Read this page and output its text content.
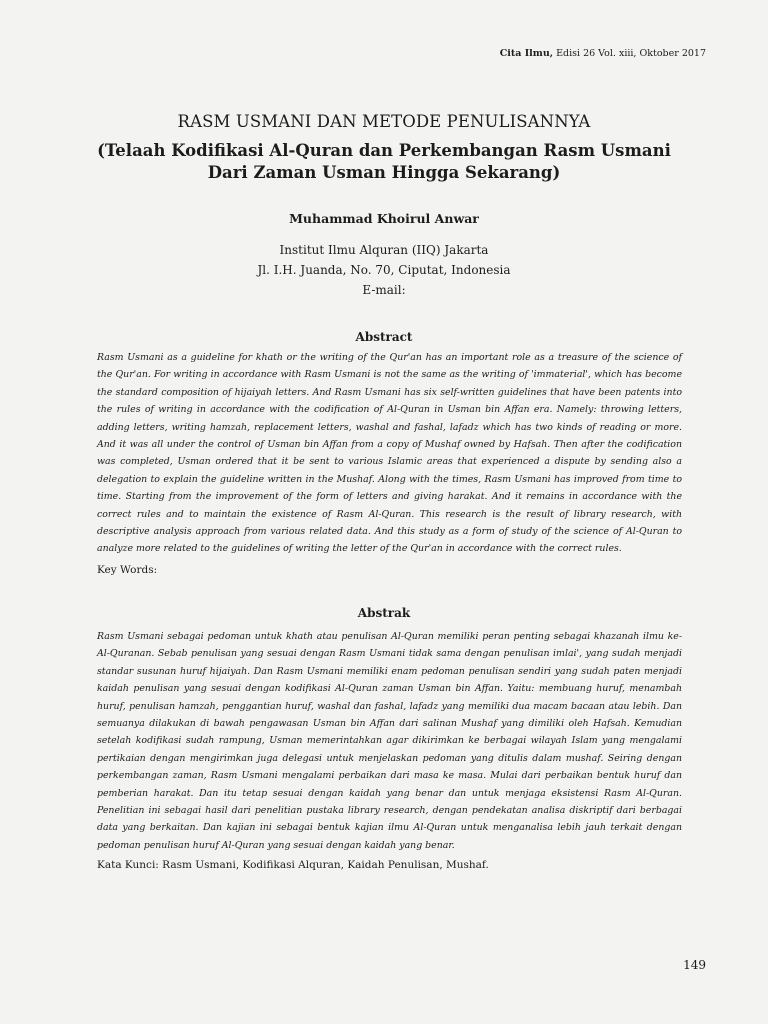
Cita Ilmu, Edisi 26 Vol. xiii, Oktober 2017
RASM USMANI DAN METODE PENULISANNYA
(Telaah Kodifikasi Al-Quran dan Perkembangan Rasm Usmani
Dari Zaman Usman Hingga Sekarang)
Muhammad Khoirul Anwar
Institut Ilmu Alquran (IIQ) Jakarta
Jl. I.H. Juanda, No. 70, Ciputat, Indonesia
E-mail:
Abstract

Rasm Usmani as a guideline for khath or the writing of the Qur'an has an important role as a treasure of the science of the Qur'an. For writing in accordance with Rasm Usmani is not the same as the writing of 'immaterial', which has become the standard composition of hijaiyah letters. And Rasm Usmani has six self-written guidelines that have been patents into the rules of writing in accordance with the codification of Al-Quran in Usman bin Affan era. Namely: throwing letters, adding letters, writing hamzah, replacement letters, washal and fashal, lafadz which has two kinds of reading or more. And it was all under the control of Usman bin Affan from a copy of Mushaf owned by Hafsah. Then after the codification was completed, Usman ordered that it be sent to various Islamic areas that experienced a dispute by sending also a delegation to explain the guideline written in the Mushaf. Along with the times, Rasm Usmani has improved from time to time. Starting from the improvement of the form of letters and giving harakat. And it remains in accordance with the correct rules and to maintain the existence of Rasm Al-Quran. This research is the result of library research, with descriptive analysis approach from various related data. And this study as a form of study of the science of Al-Quran to analyze more related to the guidelines of writing the letter of the Qur'an in accordance with the correct rules.

Key Words:
Abstrak

Rasm Usmani sebagai pedoman untuk khath atau penulisan Al-Quran memiliki peran penting sebagai khazanah ilmu ke-Al-Quranan. Sebab penulisan yang sesuai dengan Rasm Usmani tidak sama dengan penulisan imlai', yang sudah menjadi standar susunan huruf hijaiyah. Dan Rasm Usmani memiliki enam pedoman penulisan sendiri yang sudah paten menjadi kaidah penulisan yang sesuai dengan kodifikasi Al-Quran zaman Usman bin Affan. Yaitu: membuang huruf, menambah huruf, penulisan hamzah, penggantian huruf, washal dan fashal, lafadz yang memiliki dua macam bacaan atau lebih. Dan semuanya dilakukan di bawah pengawasan Usman bin Affan dari salinan Mushaf yang dimiliki oleh Hafsah. Kemudian setelah kodifikasi sudah rampung, Usman memerintahkan agar dikirimkan ke berbagai wilayah Islam yang mengalami pertikaian dengan mengirimkan juga delegasi untuk menjelaskan pedoman yang ditulis dalam mushaf. Seiring dengan perkembangan zaman, Rasm Usmani mengalami perbaikan dari masa ke masa. Mulai dari perbaikan bentuk huruf dan pemberian harakat. Dan itu tetap sesuai dengan kaidah yang benar dan untuk menjaga eksistensi Rasm Al-Quran. Penelitian ini sebagai hasil dari penelitian pustaka library research, dengan pendekatan analisa diskriptif dari berbagai data yang berkaitan. Dan kajian ini sebagai bentuk kajian ilmu Al-Quran untuk menganalisa lebih jauh terkait dengan pedoman penulisan huruf Al-Quran yang sesuai dengan kaidah yang benar.

Kata Kunci: Rasm Usmani, Kodifikasi Alquran, Kaidah Penulisan, Mushaf.
149
